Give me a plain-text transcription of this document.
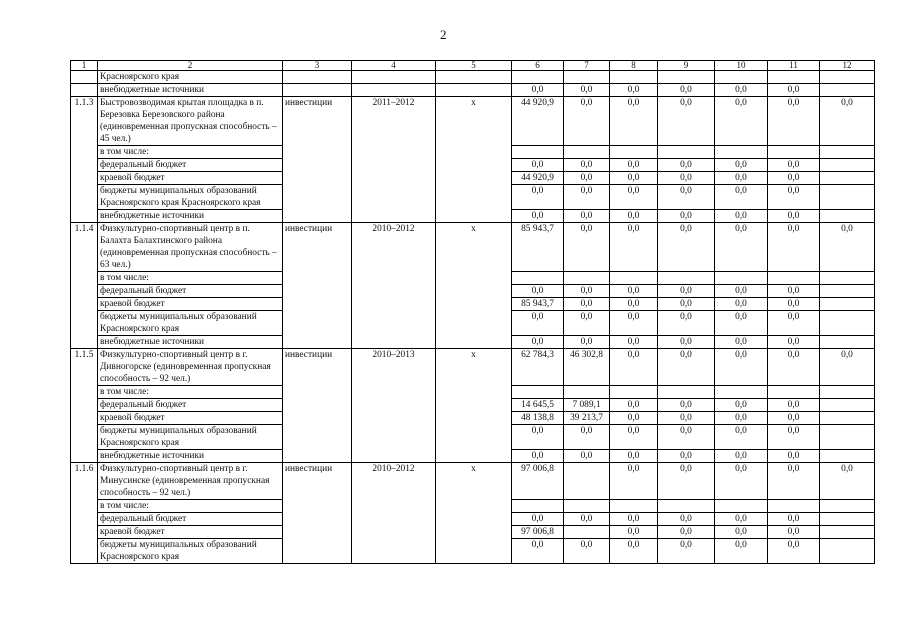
2
1	2	3	4	5	6	7	8	9	10	11	12
	Красноярского края										
	внебюджетные источники				0,0	0,0	0,0	0,0	0,0	0,0	
1.1.3	Быстровозводимая крытая площадка в п. Березовка Березовского района (единовременная пропускная способность – 45 чел.)	инвестиции	2011–2012	х	44 920,9	0,0	0,0	0,0	0,0	0,0	0,0
	в том числе:										
	федеральный бюджет				0,0	0,0	0,0	0,0	0,0	0,0	
	краевой бюджет				44 920,9	0,0	0,0	0,0	0,0	0,0	
	бюджеты муниципальных образований Красноярского края Красноярского края				0,0	0,0	0,0	0,0	0,0	0,0	
	внебюджетные источники				0,0	0,0	0,0	0,0	0,0	0,0	
1.1.4	Физкультурно-спортивный центр в п. Балахта Балахтинского района (единовременная пропускная способность – 63 чел.)	инвестиции	2010–2012	х	85 943,7	0,0	0,0	0,0	0,0	0,0	0,0
	в том числе:										
	федеральный бюджет				0,0	0,0	0,0	0,0	0,0	0,0	
	краевой бюджет				85 943,7	0,0	0,0	0,0	0,0	0,0	
	бюджеты муниципальных образований Красноярского края				0,0	0,0	0,0	0,0	0,0	0,0	
	внебюджетные источники				0,0	0,0	0,0	0,0	0,0	0,0	
1.1.5	Физкультурно-спортивный центр в г. Дивногорске (единовременная пропускная способность – 92 чел.)	инвестиции	2010–2013	х	62 784,3	46 302,8	0,0	0,0	0,0	0,0	0,0
	в том числе:										
	федеральный бюджет				14 645,5	7 089,1	0,0	0,0	0,0	0,0	
	краевой бюджет				48 138,8	39 213,7	0,0	0,0	0,0	0,0	
	бюджеты муниципальных образований Красноярского края				0,0	0,0	0,0	0,0	0,0	0,0	
	внебюджетные источники				0,0	0,0	0,0	0,0	0,0	0,0	
1.1.6	Физкультурно-спортивный центр в г. Минусинске (единовременная пропускная способность – 92 чел.)	инвестиции	2010–2012	х	97 006,8		0,0	0,0	0,0	0,0	0,0
	в том числе:										
	федеральный бюджет				0,0	0,0	0,0	0,0	0,0	0,0	
	краевой бюджет				97 006,8		0,0	0,0	0,0	0,0	
	бюджеты муниципальных образований Красноярского края				0,0	0,0	0,0	0,0	0,0	0,0	
